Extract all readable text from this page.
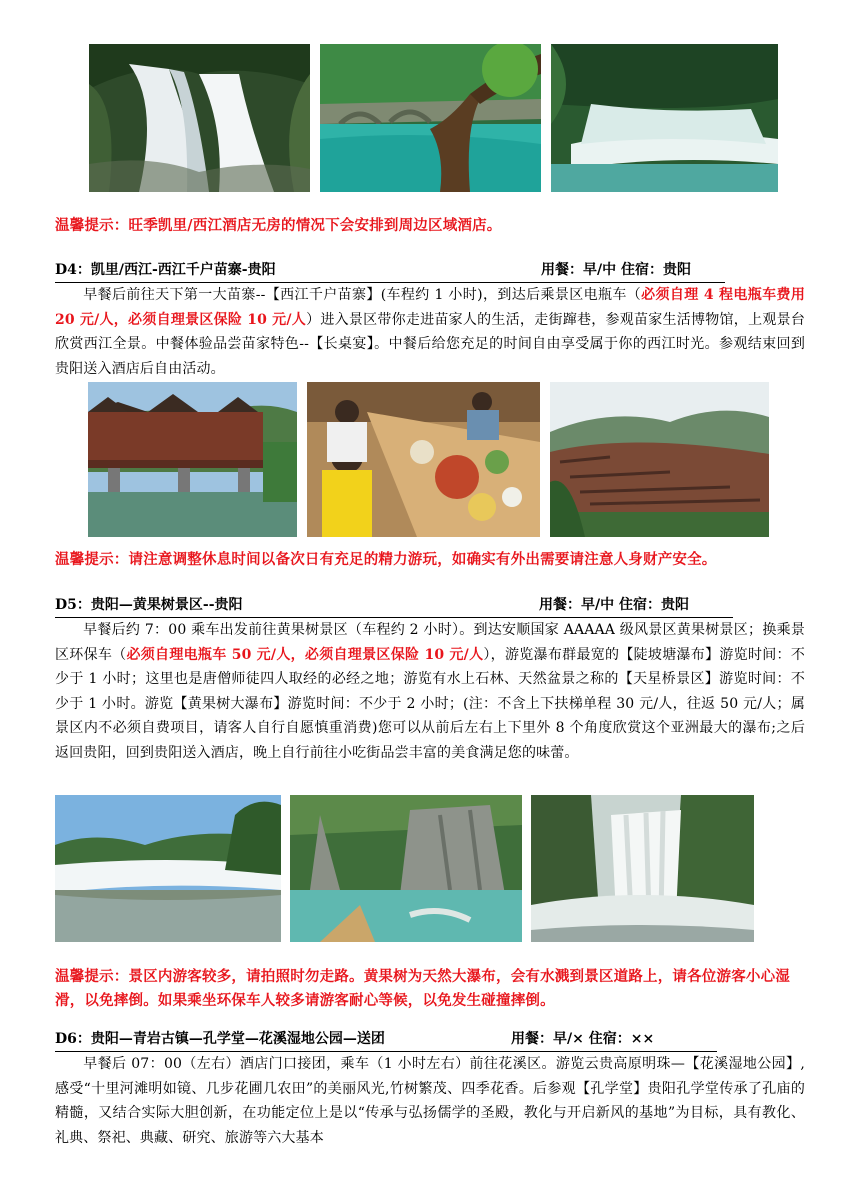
温馨提示：旺季凯里/西江酒店无房的情况下会安排到周边区域酒店。
D4：凯里/西江-西江千户苗寨-贵阳	用餐：早/中 住宿：贵阳
早餐后前往天下第一大苗寨--【西江千户苗寨】(车程约 1 小时)，到达后乘景区电瓶车（必须自理 4 程电瓶车费用 20 元/人，必须自理景区保险 10 元/人）进入景区带你走进苗家人的生活，走街蹿巷，参观苗家生活博物馆，上观景台欣赏西江全景。中餐体验品尝苗家特色--【长桌宴】。中餐后给您充足的时间自由享受属于你的西江时光。参观结束回到贵阳送入酒店后自由活动。
温馨提示：请注意调整休息时间以备次日有充足的精力游玩，如确实有外出需要请注意人身财产安全。
D5：贵阳—黄果树景区--贵阳	用餐：早/中 住宿：贵阳
早餐后约 7：00 乘车出发前往黄果树景区（车程约 2 小时）。到达安顺国家 AAAAA 级风景区黄果树景区；换乘景区环保车（必须自理电瓶车 50 元/人，必须自理景区保险 10 元/人），游览瀑布群最宽的【陡坡塘瀑布】游览时间：不少于 1 小时；这里也是唐僧师徒四人取经的必经之地；游览有水上石林、天然盆景之称的【天星桥景区】游览时间：不少于 1 小时。游览【黄果树大瀑布】游览时间：不少于 2 小时；(注：不含上下扶梯单程 30 元/人，往返 50 元/人；属景区内不必须自费项目，请客人自行自愿慎重消费)您可以从前后左右上下里外 8 个角度欣赏这个亚洲最大的瀑布;之后返回贵阳，回到贵阳送入酒店，晚上自行前往小吃街品尝丰富的美食满足您的味蕾。
温馨提示：景区内游客较多，请拍照时勿走路。黄果树为天然大瀑布，会有水溅到景区道路上，请各位游客小心湿滑，以免摔倒。如果乘坐环保车人较多请游客耐心等候，以免发生碰撞摔倒。
D6：贵阳—青岩古镇—孔学堂—花溪湿地公园—送团	用餐：早/× 住宿：××
早餐后 07：00（左右）酒店门口接团，乘车（1 小时左右）前往花溪区。游览云贵高原明珠—【花溪湿地公园】,感受“十里河滩明如镜、几步花圃几农田”的美丽风光,竹树繁茂、四季花香。后参观【孔学堂】贵阳孔学堂传承了孔庙的精髓，又结合实际大胆创新，在功能定位上是以“传承与弘扬儒学的圣殿，教化与开启新风的基地”为目标，具有教化、礼典、祭祀、典藏、研究、旅游等六大基本
